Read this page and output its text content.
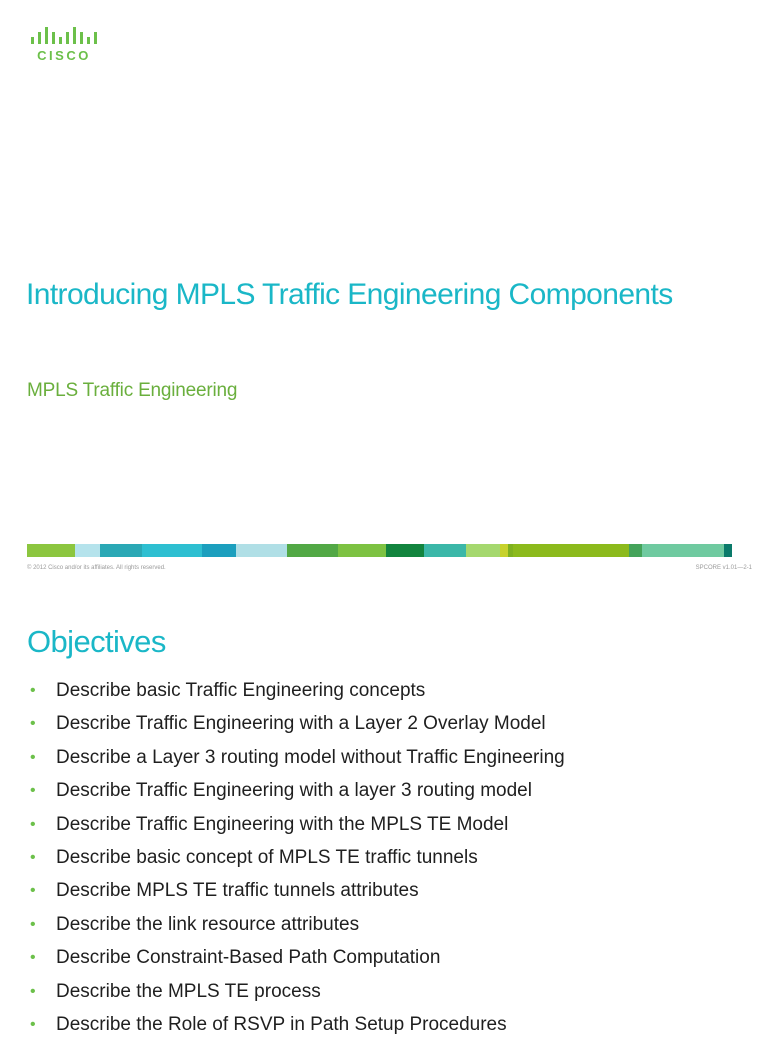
CISCO
Introducing MPLS Traffic Engineering Components
MPLS Traffic Engineering
© 2012 Cisco and/or its affiliates. All rights reserved.	SPCORE v1.01—2-1
Objectives
• Describe basic Traffic Engineering concepts
• Describe Traffic Engineering with a Layer 2 Overlay Model
• Describe a Layer 3 routing model without Traffic Engineering
• Describe Traffic Engineering with a layer 3 routing model
• Describe Traffic Engineering with the MPLS TE Model
• Describe basic concept of MPLS TE traffic tunnels
• Describe MPLS TE traffic tunnels attributes
• Describe the link resource attributes
• Describe Constraint-Based Path Computation
• Describe the MPLS TE process
• Describe the Role of RSVP in Path Setup Procedures
